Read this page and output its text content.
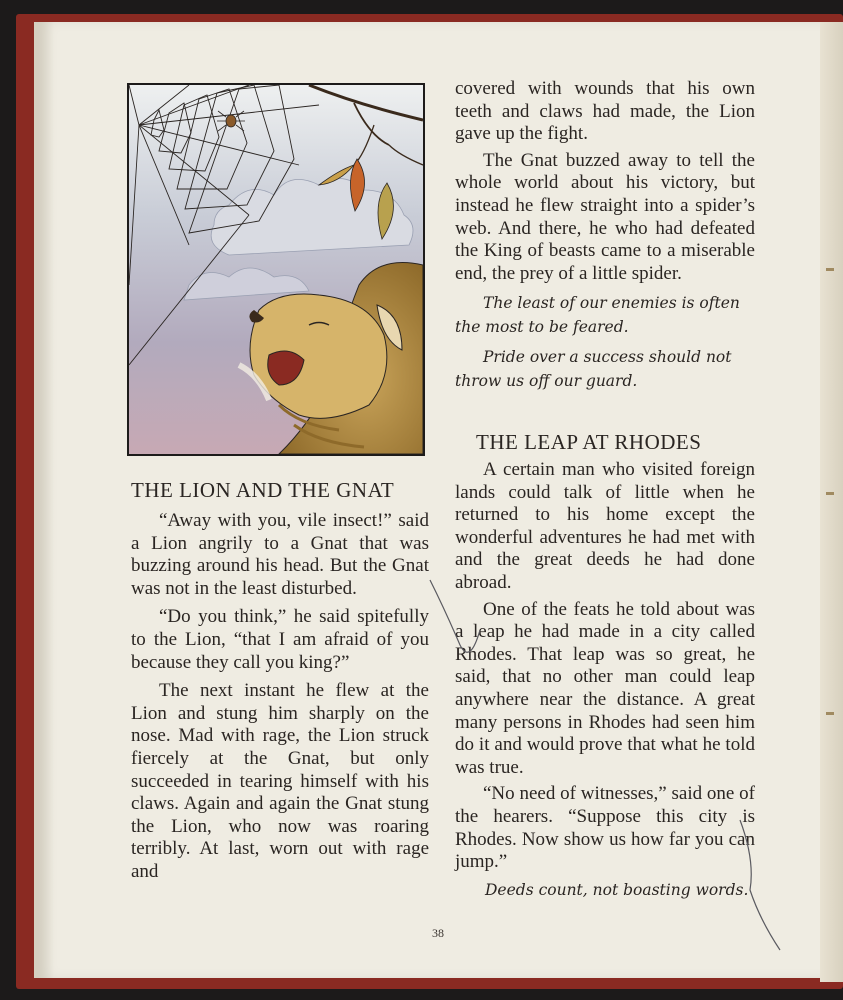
THE LION AND THE GNAT

“Away with you, vile insect!” said a Lion angrily to a Gnat that was buzzing around his head. But the Gnat was not in the least disturbed.

“Do you think,” he said spitefully to the Lion, “that I am afraid of you because they call you king?”

The next instant he flew at the Lion and stung him sharply on the nose. Mad with rage, the Lion struck fiercely at the Gnat, but only succeeded in tearing himself with his claws. Again and again the Gnat stung the Lion, who now was roaring terribly. At last, worn out with rage and

covered with wounds that his own teeth and claws had made, the Lion gave up the fight.

The Gnat buzzed away to tell the whole world about his victory, but instead he flew straight into a spider’s web. And there, he who had defeated the King of beasts came to a miserable end, the prey of a little spider.

The least of our enemies is often the most to be feared.

Pride over a success should not throw us off our guard.

THE LEAP AT RHODES

A certain man who visited foreign lands could talk of little when he returned to his home except the wonderful adventures he had met with and the great deeds he had done abroad.

One of the feats he told about was a leap he had made in a city called Rhodes. That leap was so great, he said, that no other man could leap anywhere near the distance. A great many persons in Rhodes had seen him do it and would prove that what he told was true.

“No need of witnesses,” said one of the hearers. “Suppose this city is Rhodes. Now show us how far you can jump.”

Deeds count, not boasting words.

38
